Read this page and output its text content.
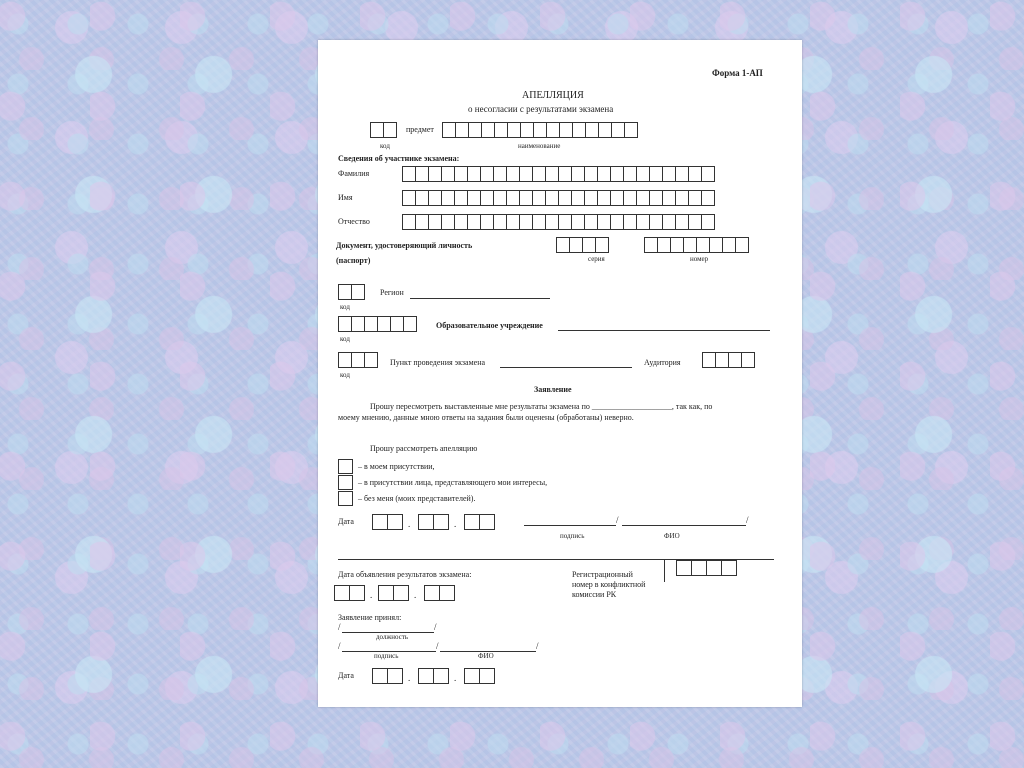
Форма 1-АП
АПЕЛЛЯЦИЯ
о несогласии с результатами экзамена
предмет
код	наименование
Сведения об участнике экзамена:
Фамилия
Имя
Отчество
Документ, удостоверяющий личность
(паспорт)	серия	номер
код
Регион
код
Образовательное учреждение
код
Пункт проведения экзамена	Аудитория
Заявление
Прошу пересмотреть выставленные мне результаты экзамена по ____________________, так как, по
моему мнению, данные мною ответы на задания были оценены (обработаны) неверно.
Прошу рассмотреть апелляцию
– в моем присутствии,
– в присутствии лица, представляющего мои интересы,
– без меня (моих представителей).
Дата	.	.	/	/
подпись	ФИО
Дата объявления результатов экзамена:
.	.
Регистрационный
номер в конфликтной
комиссии РК
Заявление принял:
/	/
должность
/	/	/
подпись	ФИО
Дата	.	.
